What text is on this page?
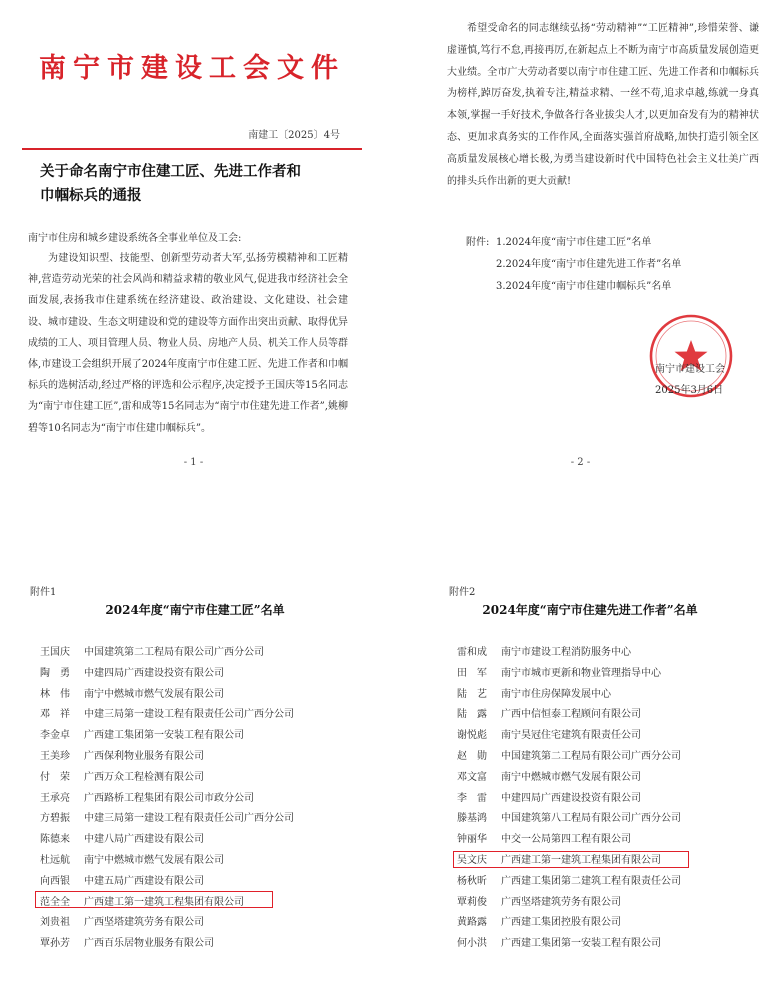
南宁市建设工会文件
南建工〔2025〕4号
关于命名南宁市住建工匠、先进工作者和
巾帼标兵的通报
南宁市住房和城乡建设系统各全事业单位及工会:
为建设知识型、技能型、创新型劳动者大军,弘扬劳模精神和工匠精神,营造劳动光荣的社会风尚和精益求精的敬业风气,促进我市经济社会全面发展,表扬我市住建系统在经济建设、政治建设、文化建设、社会建设、城市建设、生态文明建设和党的建设等方面作出突出贡献、取得优异成绩的工人、项目管理人员、物业人员、房地产人员、机关工作人员等群体,市建设工会组织开展了2024年度南宁市住建工匠、先进工作者和巾帼标兵的选树活动,经过严格的评选和公示程序,决定授予王国庆等15名同志为“南宁市住建工匠”,雷和成等15名同志为“南宁市住建先进工作者”,姚柳碧等10名同志为“南宁市住建巾帼标兵”。
- 1 -	- 2 -
希望受命名的同志继续弘扬“劳动精神”“工匠精神”,珍惜荣誉、谦虚谨慎,笃行不怠,再接再厉,在新起点上不断为南宁市高质量发展创造更大业绩。全市广大劳动者要以南宁市住建工匠、先进工作者和巾帼标兵为榜样,踔厉奋发,执着专注,精益求精、一丝不苟,追求卓越,练就一身真本领,掌握一手好技术,争做各行各业拔尖人才,以更加奋发有为的精神状态、更加求真务实的工作作风,全面落实强首府战略,加快打造引领全区高质量发展核心增长极,为勇当建设新时代中国特色社会主义壮美广西的排头兵作出新的更大贡献!
附件: 1.2024年度“南宁市住建工匠”名单
2.2024年度“南宁市住建先进工作者”名单
3.2024年度“南宁市住建巾帼标兵”名单
南宁市建设工会
2025年3月6日
附件1
2024年度“南宁市住建工匠”名单
王国庆	中国建筑第二工程局有限公司广西分公司
陶　勇	中建四局广西建设投资有限公司
林　伟	南宁中燃城市燃气发展有限公司
邓　祥	中建三局第一建设工程有限责任公司广西分公司
李金卓	广西建工集团第一安装工程有限公司
王美珍	广西保利物业服务有限公司
付　荣	广西万众工程检测有限公司
王承亮	广西路桥工程集团有限公司市政分公司
方碧振	中建三局第一建设工程有限责任公司广西分公司
陈德来	中建八局广西建设有限公司
杜远航	南宁中燃城市燃气发展有限公司
向西银	中建五局广西建设有限公司
范全全	广西建工第一建筑工程集团有限公司
刘贵祖	广西坚塔建筑劳务有限公司
覃孙芳	广西百乐居物业服务有限公司
附件2
2024年度“南宁市住建先进工作者”名单
雷和成	南宁市建设工程消防服务中心
田　军	南宁市城市更新和物业管理指导中心
陆　艺	南宁市住房保障发展中心
陆　露	广西中信恒泰工程顾问有限公司
谢悦彪	南宁昊冠住宅建筑有限责任公司
赵　勋	中国建筑第二工程局有限公司广西分公司
邓文富	南宁中燃城市燃气发展有限公司
李　雷	中建四局广西建设投资有限公司
滕基鸿	中国建筑第八工程局有限公司广西分公司
钟丽华	中交一公局第四工程有限公司
吴文庆	广西建工第一建筑工程集团有限公司
杨秋昕	广西建工集团第二建筑工程有限责任公司
覃莉俊	广西坚塔建筑劳务有限公司
黄路露	广西建工集团控股有限公司
何小洪	广西建工集团第一安装工程有限公司
